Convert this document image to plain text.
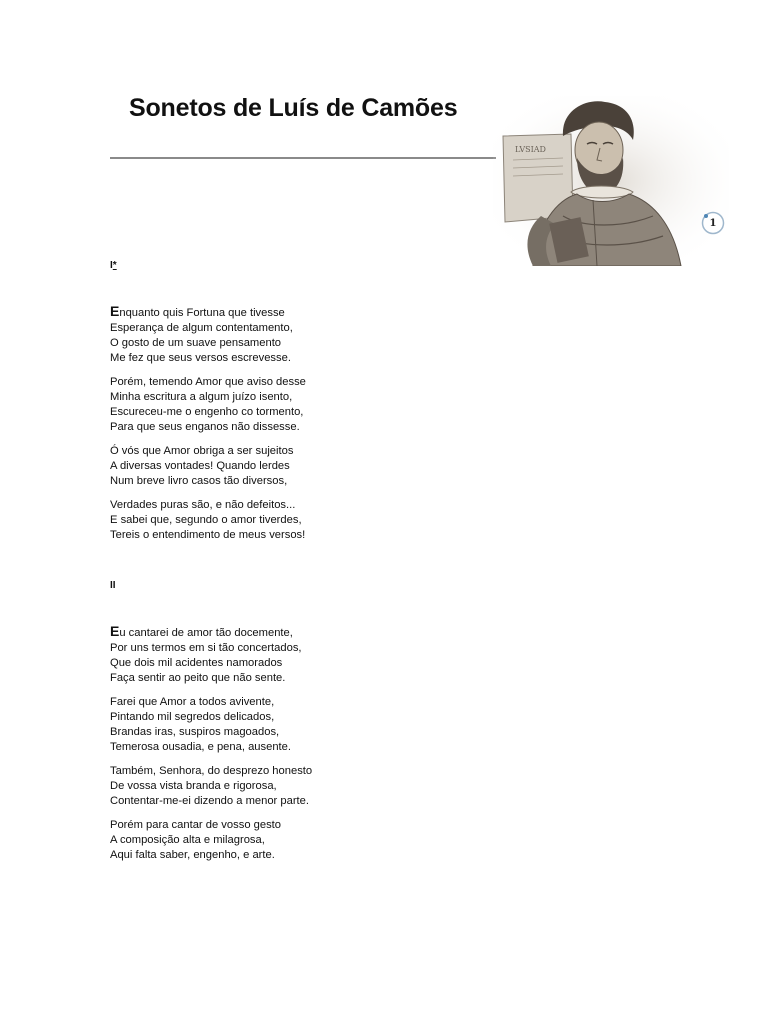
Sonetos de Luís de Camões
LVSIAD
1
I*
Enquanto quis Fortuna que tivesse
Esperança de algum contentamento,
O gosto de um suave pensamento
Me fez que seus versos escrevesse.
Porém, temendo Amor que aviso desse
Minha escritura a algum juízo isento,
Escureceu-me o engenho co tormento,
Para que seus enganos não dissesse.
Ó vós que Amor obriga a ser sujeitos
A diversas vontades! Quando lerdes
Num breve livro casos tão diversos,
Verdades puras são, e não defeitos...
E sabei que, segundo o amor tiverdes,
Tereis o entendimento de meus versos!
II
Eu cantarei de amor tão docemente,
Por uns termos em si tão concertados,
Que dois mil acidentes namorados
Faça sentir ao peito que não sente.
Farei que Amor a todos avivente,
Pintando mil segredos delicados,
Brandas iras, suspiros magoados,
Temerosa ousadia, e pena, ausente.
Também, Senhora, do desprezo honesto
De vossa vista branda e rigorosa,
Contentar-me-ei dizendo a menor parte.
Porém para cantar de vosso gesto
A composição alta e milagrosa,
Aqui falta saber, engenho, e arte.
